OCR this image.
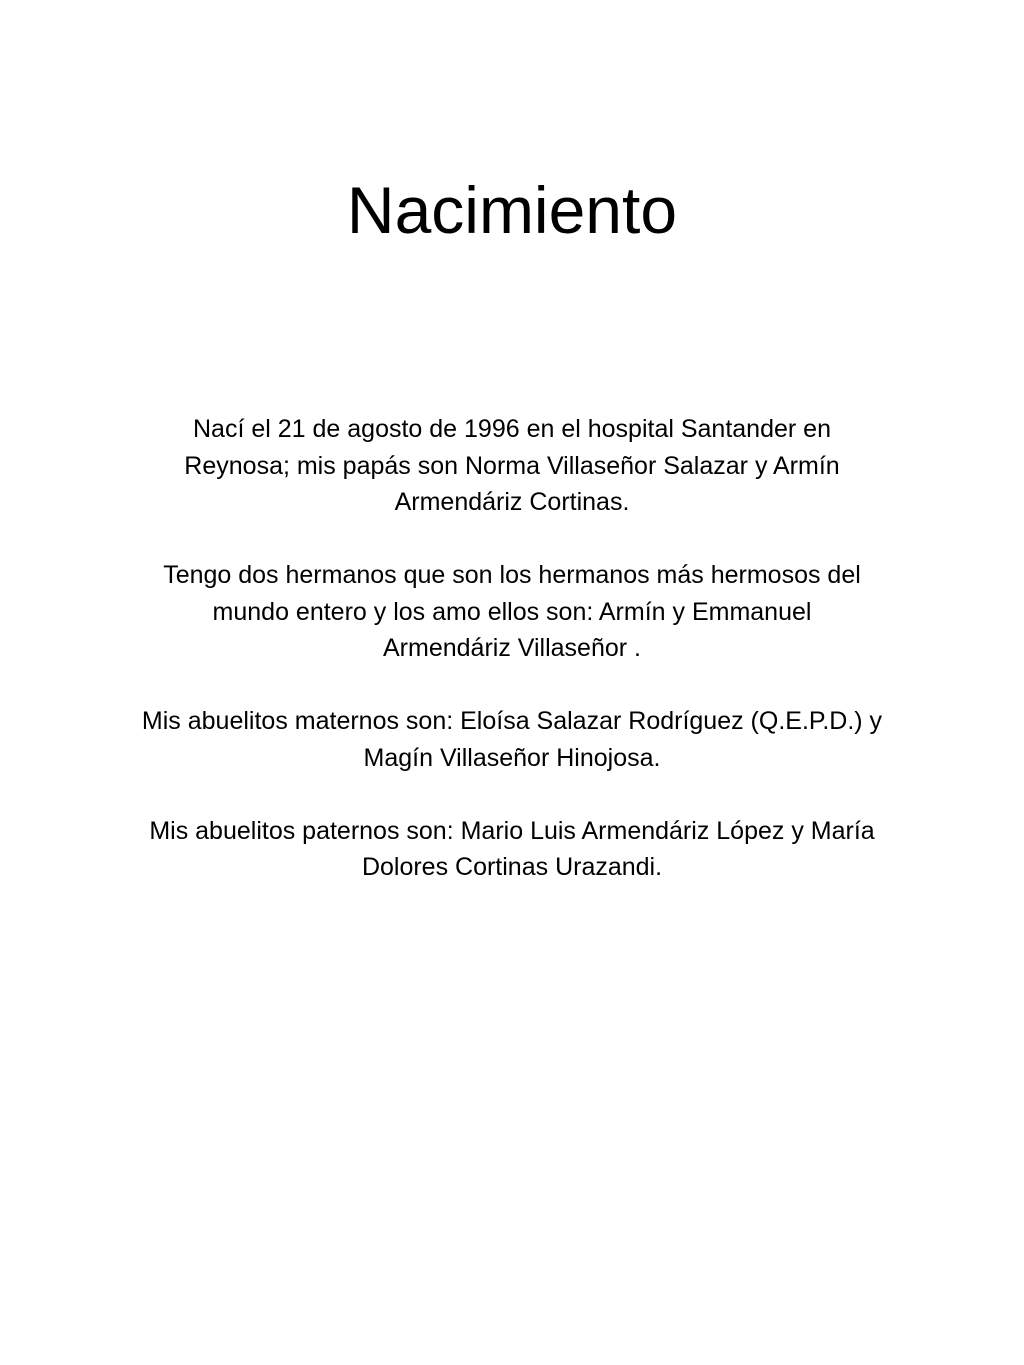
Nacimiento

Nací el 21 de agosto de 1996 en el hospital Santander en

Reynosa; mis papás son Norma Villaseñor Salazar y Armín

Armendáriz Cortinas.

Tengo dos hermanos que son los hermanos más hermosos del

mundo entero y los amo ellos son: Armín y Emmanuel

Armendáriz Villaseñor .

Mis abuelitos maternos son: Eloísa Salazar Rodríguez (Q.E.P.D.) y

Magín Villaseñor Hinojosa.

Mis abuelitos paternos son: Mario Luis Armendáriz López y María

Dolores Cortinas Urazandi.
